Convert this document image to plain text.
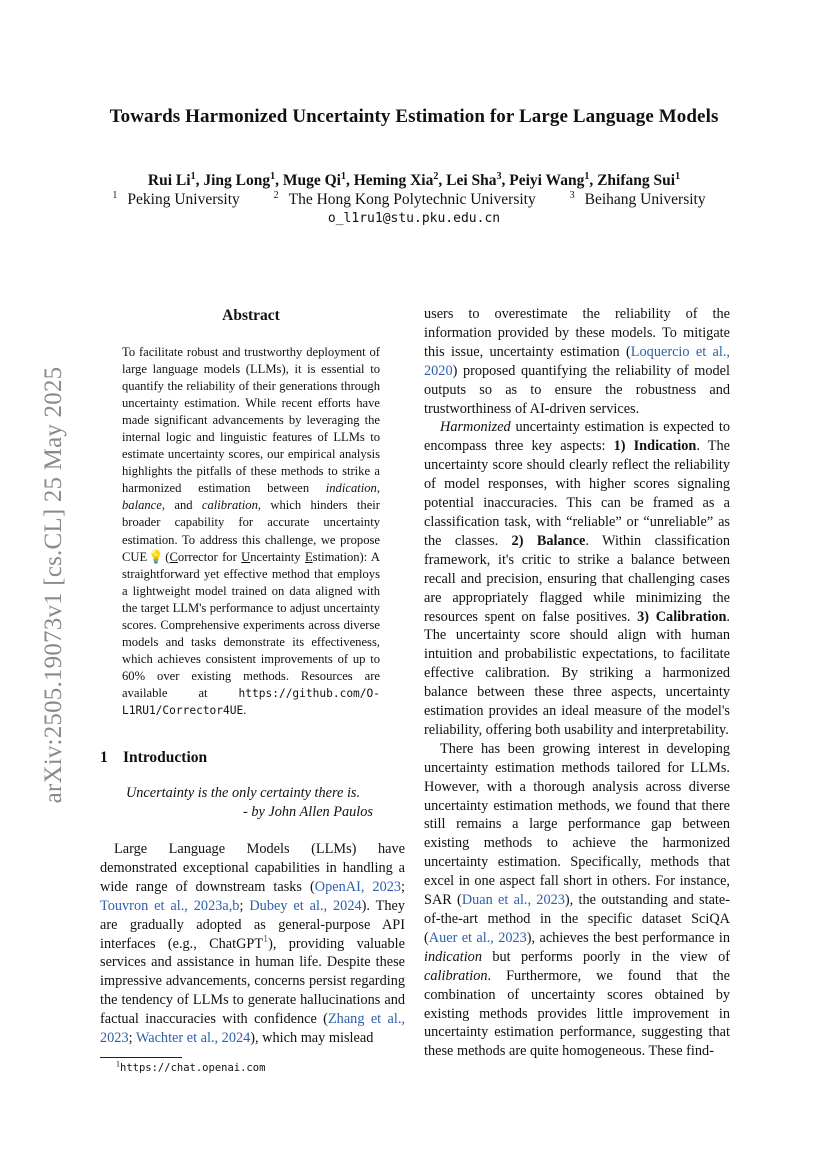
arXiv:2505.19073v1 [cs.CL] 25 May 2025
Towards Harmonized Uncertainty Estimation for Large Language Models
Rui Li$^1$, Jing Long$^1$, Muge Qi$^1$, Heming Xia$^2$, Lei Sha$^3$, Peiyi Wang$^1$, Zhifang Sui$^1$
$^1$ Peking University	$^2$ The Hong Kong Polytechnic University	$^3$ Beihang University
o_l1ru1@stu.pku.edu.cn
Abstract
To facilitate robust and trustworthy deployment of large language models (LLMs), it is essential to quantify the reliability of their generations through uncertainty estimation. While recent efforts have made significant advancements by leveraging the internal logic and linguistic features of LLMs to estimate uncertainty scores, our empirical analysis highlights the pitfalls of these methods to strike a harmonized estimation between indication, balance, and calibration, which hinders their broader capability for accurate uncertainty estimation. To address this challenge, we propose CUE💡(Corrector for Uncertainty Estimation): A straightforward yet effective method that employs a lightweight model trained on data aligned with the target LLM's performance to adjust uncertainty scores. Comprehensive experiments across diverse models and tasks demonstrate its effectiveness, which achieves consistent improvements of up to 60% over existing methods. Resources are available at https://github.com/O-L1RU1/Corrector4UE.
1 Introduction
Uncertainty is the only certainty there is.
- by John Allen Paulos
Large Language Models (LLMs) have demonstrated exceptional capabilities in handling a wide range of downstream tasks (OpenAI, 2023; Touvron et al., 2023a,b; Dubey et al., 2024). They are gradually adopted as general-purpose API interfaces (e.g., ChatGPT$^1$), providing valuable services and assistance in human life. Despite these impressive advancements, concerns persist regarding the tendency of LLMs to generate hallucinations and factual inaccuracies with confidence (Zhang et al., 2023; Wachter et al., 2024), which may mislead
$^1$https://chat.openai.com

users to overestimate the reliability of the information provided by these models. To mitigate this issue, uncertainty estimation (Loquercio et al., 2020) proposed quantifying the reliability of model outputs so as to ensure the robustness and trustworthiness of AI-driven services.

Harmonized uncertainty estimation is expected to encompass three key aspects: 1) Indication. The uncertainty score should clearly reflect the reliability of model responses, with higher scores signaling potential inaccuracies. This can be framed as a classification task, with “reliable” or “unreliable” as the classes. 2) Balance. Within classification framework, it's critic to strike a balance between recall and precision, ensuring that challenging cases are appropriately flagged while minimizing the resources spent on false positives. 3) Calibration. The uncertainty score should align with human intuition and probabilistic expectations, to facilitate effective calibration. By striking a harmonized balance between these three aspects, uncertainty estimation provides an ideal measure of the model's reliability, offering both usability and interpretability.

There has been growing interest in developing uncertainty estimation methods tailored for LLMs. However, with a thorough analysis across diverse uncertainty estimation methods, we found that there still remains a large performance gap between existing methods to achieve the harmonized uncertainty estimation. Specifically, methods that excel in one aspect fall short in others. For instance, SAR (Duan et al., 2023), the outstanding and state-of-the-art method in the specific dataset SciQA (Auer et al., 2023), achieves the best performance in indication but performs poorly in the view of calibration. Furthermore, we found that the combination of uncertainty scores obtained by existing methods provides little improvement in uncertainty estimation performance, suggesting that these methods are quite homogeneous. These find-
